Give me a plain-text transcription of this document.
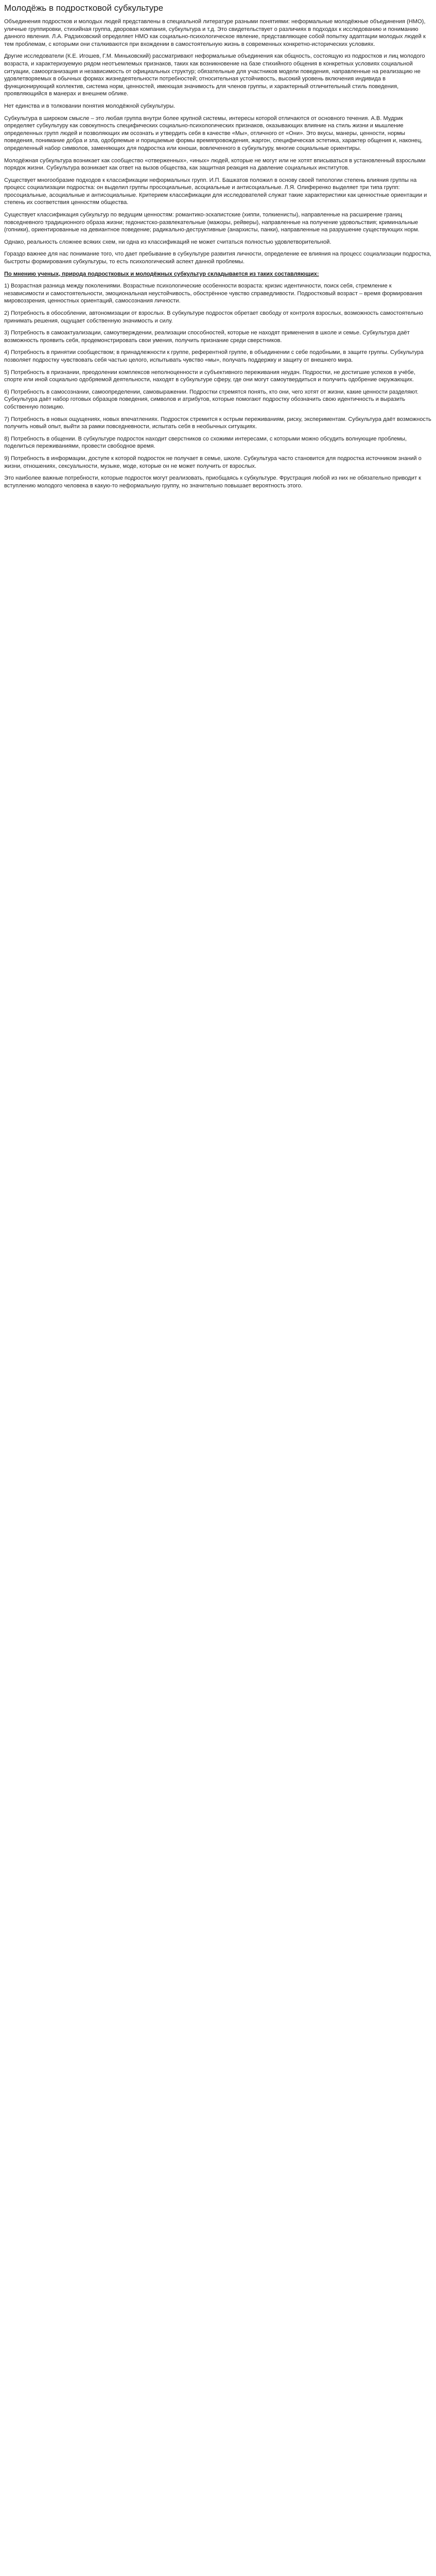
Молодёжь в подростковой субкультуре

Объединения подростков и молодых людей представлены в специальной литературе разными понятиями: неформальные молодёжные объединения (НМО), уличные группировки, стихийная группа, дворовая компания, субкультура и т.д. Это свидетельствует о различиях в подходах к исследованию и пониманию данного явления. Л.А. Радзиховский определяет НМО как социально-психологическое явление, представляющее собой попытку адаптации молодых людей к тем проблемам, с которыми они сталкиваются при вхождении в самостоятельную жизнь в современных конкретно-исторических условиях.

Другие исследователи (К.Е. Игошев, Г.М. Миньковский) рассматривают неформальные объединения как общность, состоящую из подростков и лиц молодого возраста, и характеризуемую рядом неотъемлемых признаков, таких как возникновение на базе стихийного общения в конкретных условиях социальной ситуации, самоорганизация и независимость от официальных структур; обязательные для участников модели поведения, направленные на реализацию не удовлетворяемых в обычных формах жизнедеятельности потребностей; относительная устойчивость, высокий уровень включения индивида в функционирующий коллектив, система норм, ценностей, имеющая значимость для членов группы, и характерный отличительный стиль поведения, проявляющийся в манерах и внешнем облике.

Нет единства и в толковании понятия молодёжной субкультуры.

Субкультура в широком смысле – это любая группа внутри более крупной системы, интересы которой отличаются от основного течения. А.В. Мудрик определяет субкультуру как совокупность специфических социально-психологических признаков, оказывающих влияние на стиль жизни и мышление определенных групп людей и позволяющих им осознать и утвердить себя в качестве «Мы», отличного от «Они». Это вкусы, манеры, ценности, нормы поведения, понимание добра и зла, одобряемые и порицаемые формы времяпровождения, жаргон, специфическая эстетика, характер общения и, наконец, определенный набор символов, заменяющих для подростка или юноши, вовлеченного в субкультуру, многие социальные ориентиры.

Молодёжная субкультура возникает как сообщество «отверженных», «иных» людей, которые не могут или не хотят вписываться в установленный взрослыми порядок жизни. Субкультура возникает как ответ на вызов общества, как защитная реакция на давление социальных институтов.

Существует многообразие подходов к классификации неформальных групп. И.П. Башкатов положил в основу своей типологии степень влияния группы на процесс социализации подростка: он выделил группы просоциальные, асоциальные и антисоциальные. Л.Я. Олиференко выделяет три типа групп: просоциальные, асоциальные и антисоциальные. Критерием классификации для исследователей служат такие характеристики как ценностные ориентации и степень их соответствия ценностям общества.

Существует классификация субкультур по ведущим ценностям: романтико-эскапистские (хиппи, толкиенисты), направленные на расширение границ повседневного традиционного образа жизни; гедонистско-развлекательные (мажоры, рейверы), направленные на получение удовольствия; криминальные (гопники), ориентированные на девиантное поведение; радикально-деструктивные (анархисты, панки), направленные на разрушение существующих норм.

Однако, реальность сложнее всяких схем, ни одна из классификаций не может считаться полностью удовлетворительной.

Гораздо важнее для нас понимание того, что дает пребывание в субкультуре развития личности, определение ее влияния на процесс социализации подростка, быстроты формирования субкультуры, то есть психологический аспект данной проблемы.

По мнению ученых, природа подростковых и молодёжных субкультур складывается из таких составляющих:

1) Возрастная разница между поколениями. Возрастные психологические особенности возраста: кризис идентичности, поиск себя, стремление к независимости и самостоятельности, эмоциональная неустойчивость, обострённое чувство справедливости. Подростковый возраст – время формирования мировоззрения, ценностных ориентаций, самосознания личности.

2) Потребность в обособлении, автономизации от взрослых. В субкультуре подросток обретает свободу от контроля взрослых, возможность самостоятельно принимать решения, ощущает собственную значимость и силу.

3) Потребность в самоактуализации, самоутверждении, реализации способностей, которые не находят применения в школе и семье. Субкультура даёт возможность проявить себя, продемонстрировать свои умения, получить признание среди сверстников.

4) Потребность в принятии сообществом; в принадлежности к группе, референтной группе, в объединении с себе подобными, в защите группы. Субкультура позволяет подростку чувствовать себя частью целого, испытывать чувство «мы», получать поддержку и защиту от внешнего мира.

5) Потребность в признании, преодолении комплексов неполноценности и субъективного переживания неудач. Подростки, не достигшие успехов в учёбе, спорте или иной социально одобряемой деятельности, находят в субкультуре сферу, где они могут самоутвердиться и получить одобрение окружающих.

6) Потребность в самосознании, самоопределении, самовыражении. Подростки стремятся понять, кто они, чего хотят от жизни, какие ценности разделяют. Субкультура даёт набор готовых образцов поведения, символов и атрибутов, которые помогают подростку обозначить свою идентичность и выразить собственную позицию.

7) Потребность в новых ощущениях, новых впечатлениях. Подросток стремится к острым переживаниям, риску, экспериментам. Субкультура даёт возможность получить новый опыт, выйти за рамки повседневности, испытать себя в необычных ситуациях.

8) Потребность в общении. В субкультуре подросток находит сверстников со схожими интересами, с которыми можно обсудить волнующие проблемы, поделиться переживаниями, провести свободное время.

9) Потребность в информации, доступе к которой подросток не получает в семье, школе. Субкультура часто становится для подростка источником знаний о жизни, отношениях, сексуальности, музыке, моде, которые он не может получить от взрослых.

Это наиболее важные потребности, которые подросток могут реализовать, приобщаясь к субкультуре. Фрустрация любой из них не обязательно приводит к вступлению молодого человека в какую-то неформальную группу, но значительно повышает вероятность этого.
